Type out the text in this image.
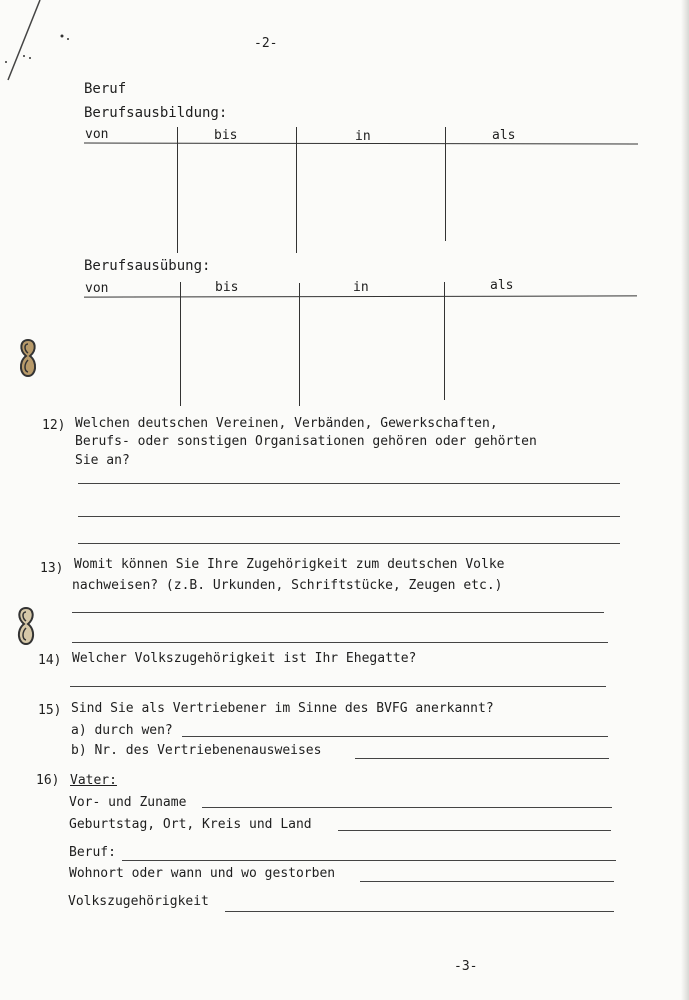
-2-
Beruf
Berufsausbildung:
von	bis	in	als
Berufsausübung:
von	bis	in	als
12) Welchen deutschen Vereinen, Verbänden, Gewerkschaften,
Berufs- oder sonstigen Organisationen gehören oder gehörten
Sie an?
13) Womit können Sie Ihre Zugehörigkeit zum deutschen Volke
nachweisen? (z.B. Urkunden, Schriftstücke, Zeugen etc.)
14) Welcher Volkszugehörigkeit ist Ihr Ehegatte?
15) Sind Sie als Vertriebener im Sinne des BVFG anerkannt?
a) durch wen?
b) Nr. des Vertriebenenausweises
16) Vater:
Vor- und Zuname
Geburtstag, Ort, Kreis und Land
Beruf:
Wohnort oder wann und wo gestorben
Volkszugehörigkeit
-3-
